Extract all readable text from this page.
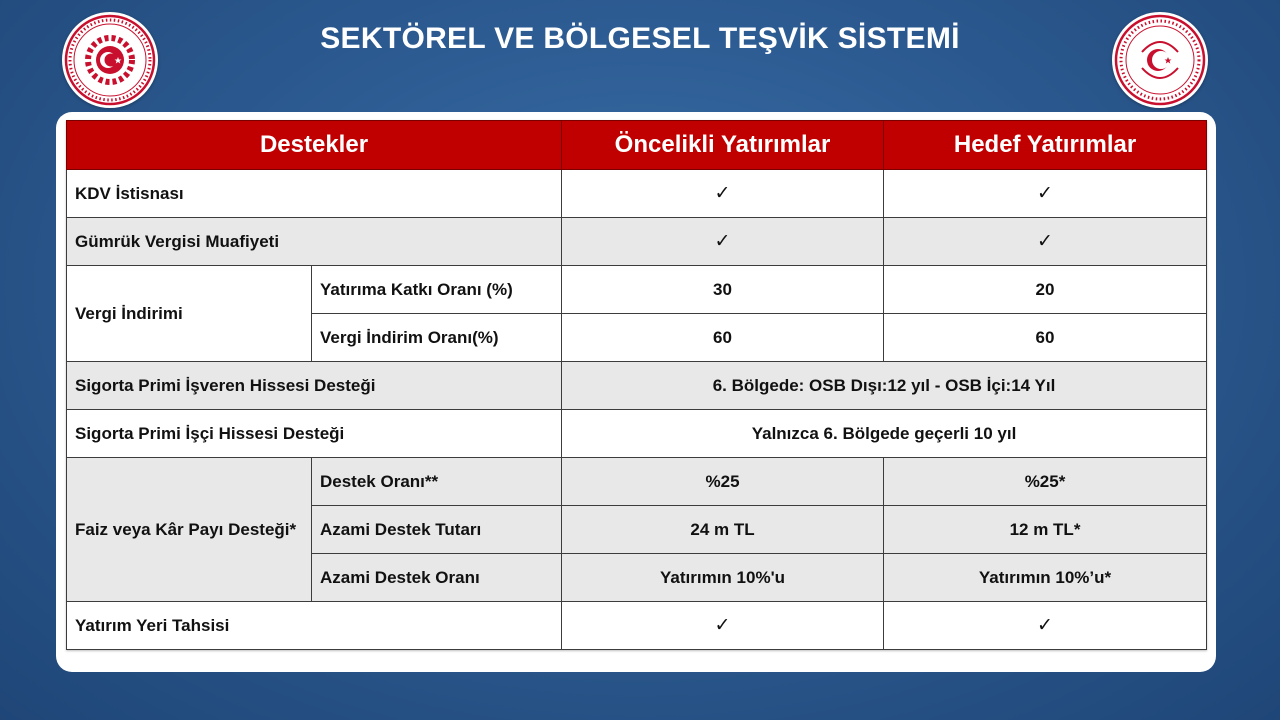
SEKTÖREL VE BÖLGESEL TEŞVİK SİSTEMİ
Destekler		Öncelikli Yatırımlar	Hedef Yatırımlar
KDV İstisnası		✓	✓
Gümrük Vergisi Muafiyeti		✓	✓
Vergi İndirimi	Yatırıma Katkı Oranı (%)	30	20
	Vergi İndirim Oranı(%)	60	60
Sigorta Primi İşveren Hissesi Desteği		6. Bölgede: OSB Dışı:12 yıl - OSB İçi:14 Yıl	
Sigorta Primi İşçi Hissesi Desteği		Yalnızca 6. Bölgede geçerli 10 yıl	
Faiz veya Kâr Payı Desteği*	Destek Oranı**	%25	%25*
	Azami Destek Tutarı	24 m TL	12 m TL*
	Azami Destek Oranı	Yatırımın 10%'u	Yatırımın 10%’u*
Yatırım Yeri Tahsisi		✓	✓
